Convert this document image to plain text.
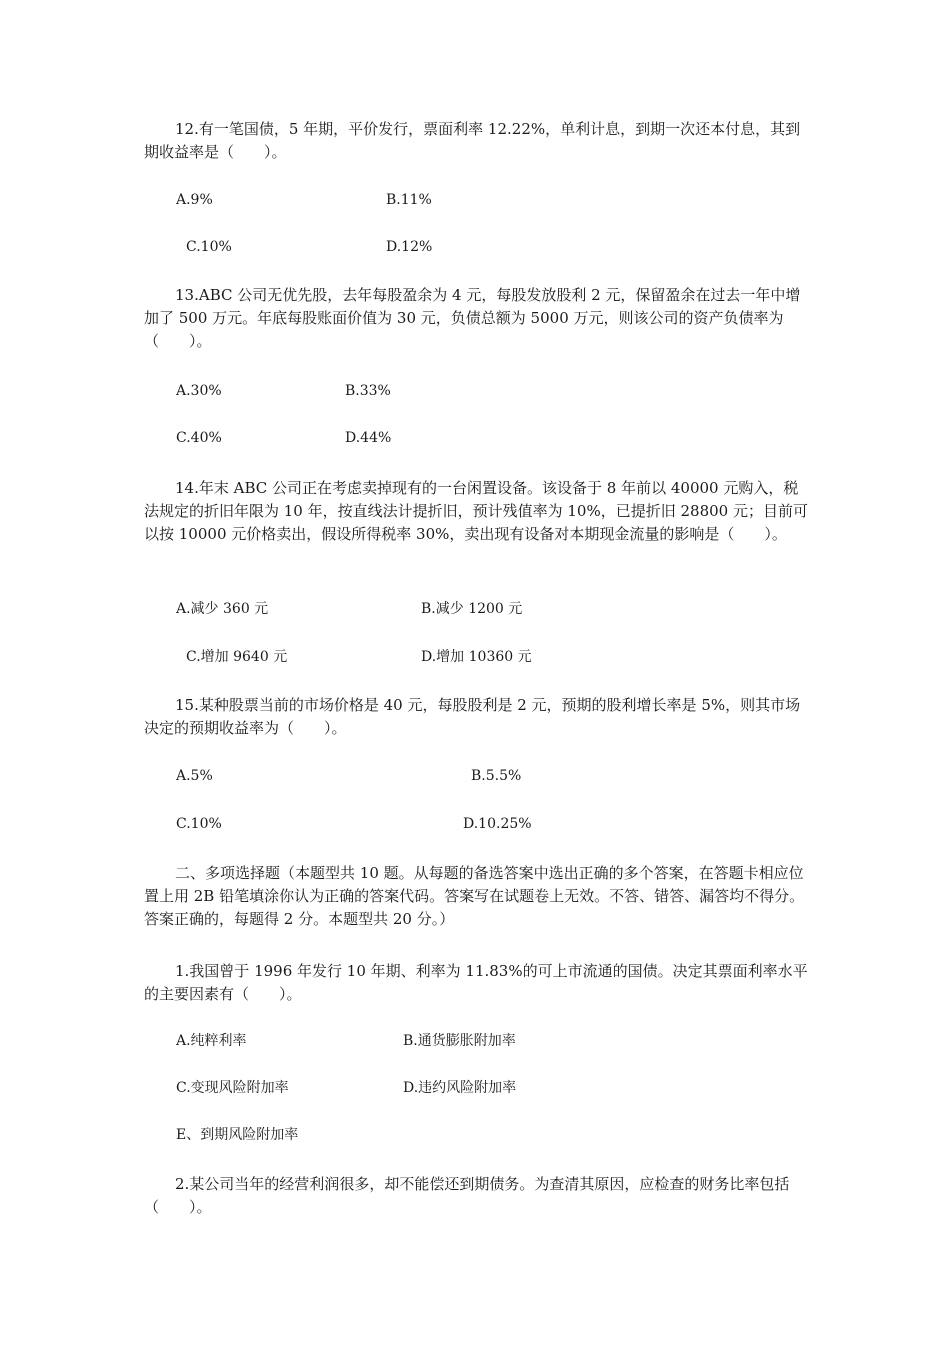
12.有一笔国债，5 年期，平价发行，票面利率 12.22%，单利计息，到期一次还本付息，其到期收益率是（　　）。

A.9%	B.11%
C.10%	D.12%

13.ABC 公司无优先股，去年每股盈余为 4 元，每股发放股利 2 元，保留盈余在过去一年中增加了 500 万元。年底每股账面价值为 30 元，负债总额为 5000 万元，则该公司的资产负债率为（　　）。

A.30%	B.33%
C.40%	D.44%

14.年末 ABC 公司正在考虑卖掉现有的一台闲置设备。该设备于 8 年前以 40000 元购入，税法规定的折旧年限为 10 年，按直线法计提折旧，预计残值率为 10%，已提折旧 28800 元；目前可以按 10000 元价格卖出，假设所得税率 30%，卖出现有设备对本期现金流量的影响是（　　）。

A.减少 360 元	B.减少 1200 元
C.增加 9640 元	D.增加 10360 元

15.某种股票当前的市场价格是 40 元，每股股利是 2 元，预期的股利增长率是 5%，则其市场决定的预期收益率为（　　）。

A.5%	B.5.5%
C.10%	D.10.25%

二、多项选择题（本题型共 10 题。从每题的备选答案中选出正确的多个答案，在答题卡相应位置上用 2B 铅笔填涂你认为正确的答案代码。答案写在试题卷上无效。不答、错答、漏答均不得分。答案正确的，每题得 2 分。本题型共 20 分。）

1.我国曾于 1996 年发行 10 年期、利率为 11.83%的可上市流通的国债。决定其票面利率水平的主要因素有（　　）。

A.纯粹利率	B.通货膨胀附加率
C.变现风险附加率	D.违约风险附加率
E、到期风险附加率

2.某公司当年的经营利润很多，却不能偿还到期债务。为查清其原因，应检查的财务比率包括（　　）。
